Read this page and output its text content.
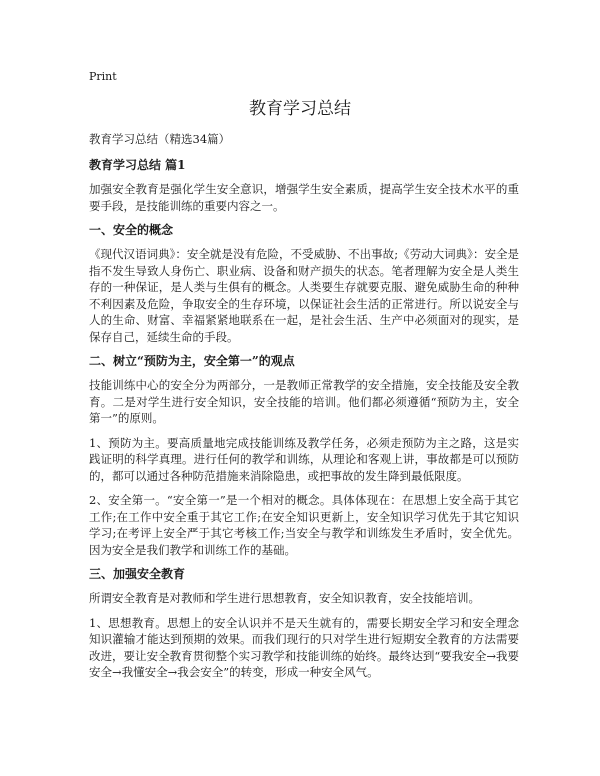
Print
教育学习总结

教育学习总结（精选34篇）

教育学习总结 篇1

加强安全教育是强化学生安全意识，增强学生安全素质，提高学生安全技术水平的重要手段，是技能训练的重要内容之一。

一、安全的概念

《现代汉语词典》：安全就是没有危险，不受威胁、不出事故;《劳动大词典》：安全是指不发生导致人身伤亡、职业病、设备和财产损失的状态。笔者理解为安全是人类生存的一种保证，是人类与生俱有的概念。人类要生存就要克服、避免威胁生命的种种不利因素及危险，争取安全的生存环境，以保证社会生活的正常进行。所以说安全与人的生命、财富、幸福紧紧地联系在一起，是社会生活、生产中必须面对的现实，是保存自己，延续生命的手段。

二、树立“预防为主，安全第一”的观点

技能训练中心的安全分为两部分，一是教师正常教学的安全措施，安全技能及安全教育。二是对学生进行安全知识，安全技能的培训。他们都必须遵循“预防为主，安全第一”的原则。

1、预防为主。要高质量地完成技能训练及教学任务，必须走预防为主之路，这是实践证明的科学真理。进行任何的教学和训练，从理论和客观上讲，事故都是可以预防的，都可以通过各种防范措施来消除隐患，或把事故的发生降到最低限度。

2、安全第一。“安全第一”是一个相对的概念。具体体现在：在思想上安全高于其它工作;在工作中安全重于其它工作;在安全知识更新上，安全知识学习优先于其它知识学习;在考评上安全严于其它考核工作;当安全与教学和训练发生矛盾时，安全优先。因为安全是我们教学和训练工作的基础。

三、加强安全教育

所谓安全教育是对教师和学生进行思想教育，安全知识教育，安全技能培训。

1、思想教育。思想上的安全认识并不是天生就有的，需要长期安全学习和安全理念知识灌输才能达到预期的效果。而我们现行的只对学生进行短期安全教育的方法需要改进，要让安全教育贯彻整个实习教学和技能训练的始终。最终达到“要我安全→我要安全→我懂安全→我会安全”的转变，形成一种安全风气。
